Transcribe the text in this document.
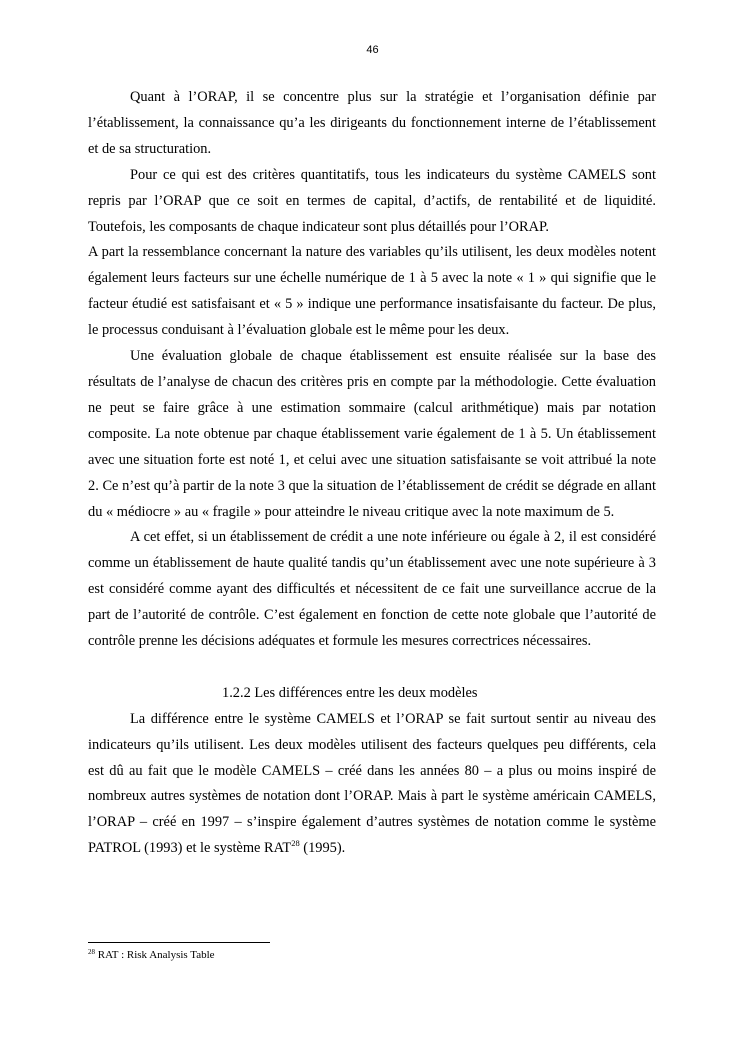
46

Quant à l’ORAP, il se concentre plus sur la stratégie et l’organisation définie par l’établissement, la connaissance qu’a les dirigeants du fonctionnement interne de l’établissement et de sa structuration.

Pour ce qui est des critères quantitatifs, tous les indicateurs du système CAMELS sont repris par l’ORAP que ce soit en termes de capital, d’actifs, de rentabilité et de liquidité. Toutefois, les composants de chaque indicateur sont plus détaillés pour l’ORAP.

A part la ressemblance concernant la nature des variables qu’ils utilisent, les deux modèles notent également leurs facteurs sur une échelle numérique de 1 à 5 avec la note « 1 » qui signifie que le facteur étudié est satisfaisant et « 5 » indique une performance insatisfaisante du facteur. De plus, le processus conduisant à l’évaluation globale est le même pour les deux.

Une évaluation globale de chaque établissement est ensuite réalisée sur la base des résultats de l’analyse de chacun des critères pris en compte par la méthodologie. Cette évaluation ne peut se faire grâce à une estimation sommaire (calcul arithmétique) mais par notation composite. La note obtenue par chaque établissement varie également de 1 à 5. Un établissement avec une situation forte est noté 1, et celui avec une situation satisfaisante se voit attribué la note 2. Ce n’est qu’à partir de la note 3 que la situation de l’établissement de crédit se dégrade en allant du « médiocre » au « fragile » pour atteindre le niveau critique avec la note maximum de 5.

A cet effet, si un établissement de crédit a une note inférieure ou égale à 2, il est considéré comme un établissement de haute qualité tandis qu’un établissement avec une note supérieure à 3 est considéré comme ayant des difficultés et nécessitent de ce fait une surveillance accrue de la part de l’autorité de contrôle. C’est également en fonction de cette note globale que l’autorité de contrôle prenne les décisions adéquates et formule les mesures correctrices nécessaires.

1.2.2 Les différences entre les deux modèles

La différence entre le système CAMELS et l’ORAP se fait surtout sentir au niveau des indicateurs qu’ils utilisent. Les deux modèles utilisent des facteurs quelques peu différents, cela est dû au fait que le modèle CAMELS – créé dans les années 80 – a plus ou moins inspiré de nombreux autres systèmes de notation dont l’ORAP. Mais à part le système américain CAMELS, l’ORAP – créé en 1997 – s’inspire également d’autres systèmes de notation comme le système PATROL (1993) et le système RAT$^{28}$ (1995).

$^{28}$ RAT : Risk Analysis Table
